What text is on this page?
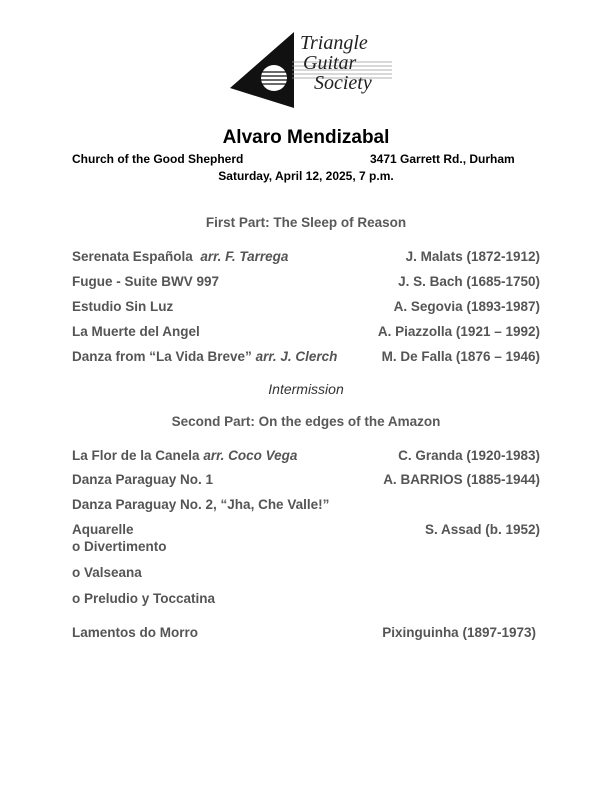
Triangle
Guitar
Society
Alvaro Mendizabal
Church of the Good Shepherd	3471 Garrett Rd., Durham
Saturday, April 12, 2025, 7 p.m.
First Part: The Sleep of Reason
Serenata Española arr. F. Tarrega	J. Malats (1872-1912)
Fugue - Suite BWV 997	J. S. Bach (1685-1750)
Estudio Sin Luz	A. Segovia (1893-1987)
La Muerte del Angel	A. Piazzolla (1921 – 1992)
Danza from “La Vida Breve” arr. J. Clerch	M. De Falla (1876 – 1946)
Intermission
Second Part: On the edges of the Amazon
La Flor de la Canela arr. Coco Vega	C. Granda (1920-1983)
Danza Paraguay No. 1	A. BARRIOS (1885-1944)
Danza Paraguay No. 2, “Jha, Che Valle!”
Aquarelle	S. Assad (b. 1952)
o Divertimento
o Valseana
o Preludio y Toccatina
Lamentos do Morro	Pixinguinha (1897-1973)
